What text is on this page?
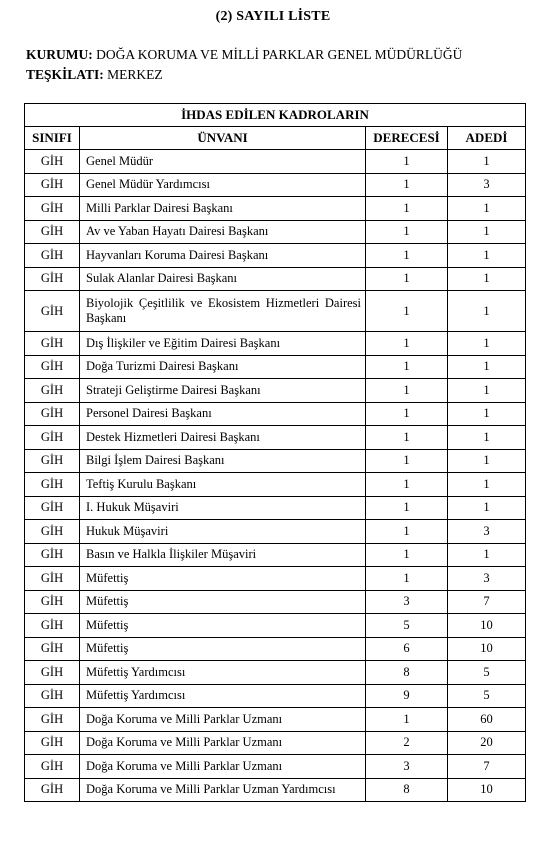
(2) SAYILI LİSTE
KURUMU: DOĞA KORUMA VE MİLLİ PARKLAR GENEL MÜDÜRLÜĞÜ
TEŞKİLATI: MERKEZ
İHDAS EDİLEN KADROLARIN			
SINIFI	ÜNVANI	DERECESİ	ADEDİ
GİH	Genel Müdür	1	1
GİH	Genel Müdür Yardımcısı	1	3
GİH	Milli Parklar Dairesi Başkanı	1	1
GİH	Av ve Yaban Hayatı Dairesi Başkanı	1	1
GİH	Hayvanları Koruma Dairesi Başkanı	1	1
GİH	Sulak Alanlar Dairesi Başkanı	1	1
GİH	Biyolojik Çeşitlilik ve Ekosistem Hizmetleri Dairesi Başkanı	1	1
GİH	Dış İlişkiler ve Eğitim Dairesi Başkanı	1	1
GİH	Doğa Turizmi Dairesi Başkanı	1	1
GİH	Strateji Geliştirme Dairesi Başkanı	1	1
GİH	Personel Dairesi Başkanı	1	1
GİH	Destek Hizmetleri Dairesi Başkanı	1	1
GİH	Bilgi İşlem Dairesi Başkanı	1	1
GİH	Teftiş Kurulu Başkanı	1	1
GİH	I. Hukuk Müşaviri	1	1
GİH	Hukuk Müşaviri	1	3
GİH	Basın ve Halkla İlişkiler Müşaviri	1	1
GİH	Müfettiş	1	3
GİH	Müfettiş	3	7
GİH	Müfettiş	5	10
GİH	Müfettiş	6	10
GİH	Müfettiş Yardımcısı	8	5
GİH	Müfettiş Yardımcısı	9	5
GİH	Doğa Koruma ve Milli Parklar Uzmanı	1	60
GİH	Doğa Koruma ve Milli Parklar Uzmanı	2	20
GİH	Doğa Koruma ve Milli Parklar Uzmanı	3	7
GİH	Doğa Koruma ve Milli Parklar Uzman Yardımcısı	8	10
